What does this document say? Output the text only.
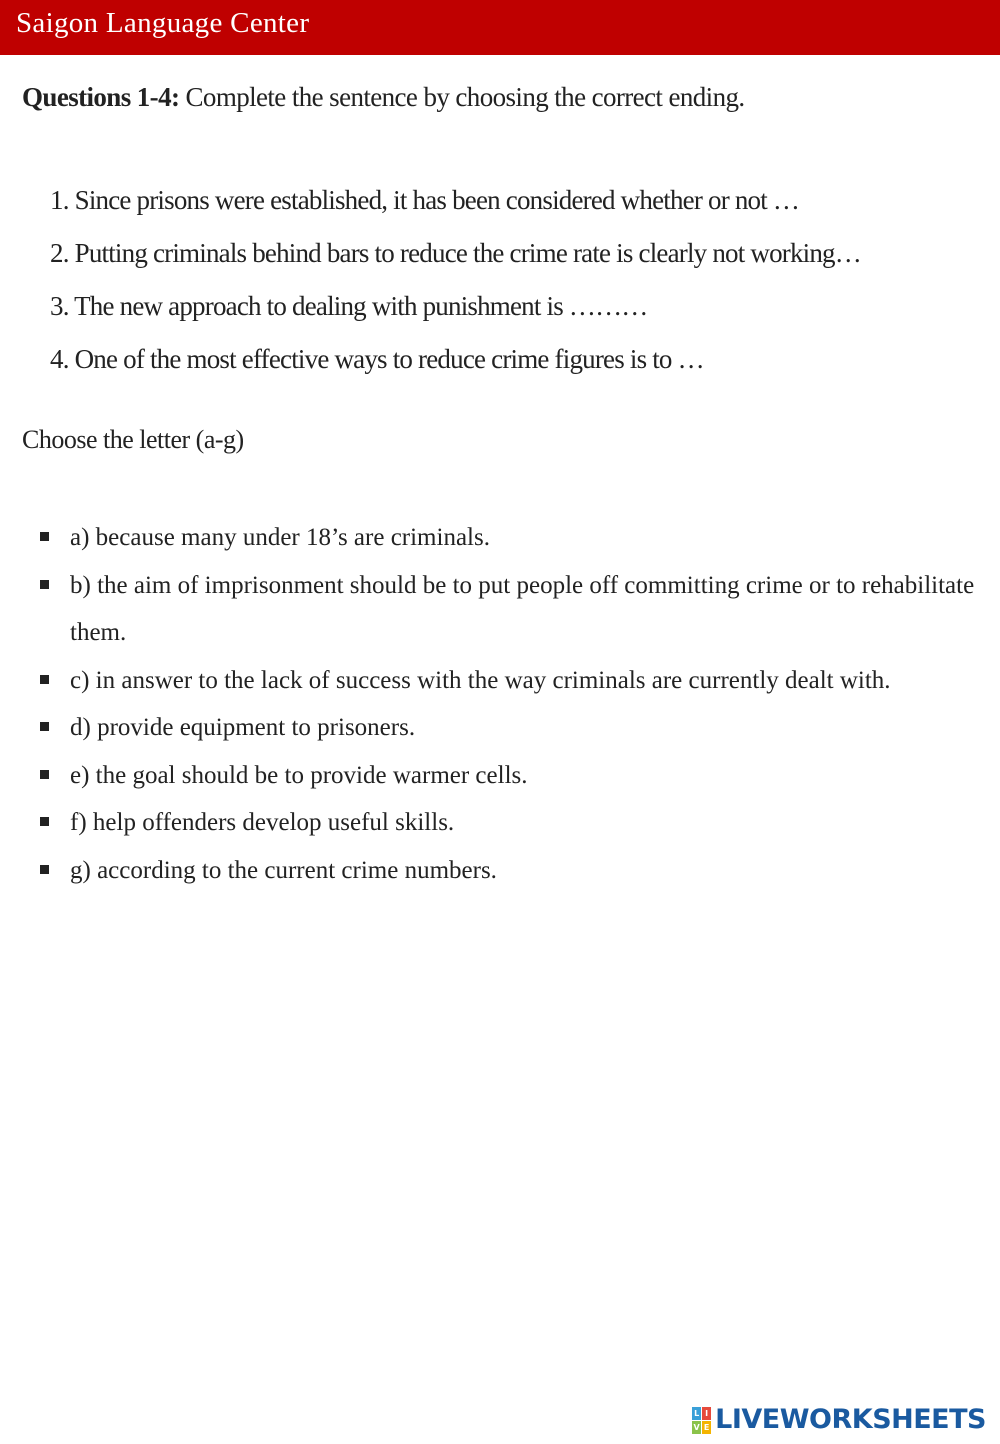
Saigon Language Center
Questions 1-4: Complete the sentence by choosing the correct ending.
1. Since prisons were established, it has been considered whether or not …
2. Putting criminals behind bars to reduce the crime rate is clearly not working…
3. The new approach to dealing with punishment is ………
4. One of the most effective ways to reduce crime figures is to …
Choose the letter (a-g)
a) because many under 18’s are criminals.
b) the aim of imprisonment should be to put people off committing crime or to rehabilitate them.
c) in answer to the lack of success with the way criminals are currently dealt with.
d) provide equipment to prisoners.
e) the goal should be to provide warmer cells.
f) help offenders develop useful skills.
g) according to the current crime numbers.
L I
V E LIVEWORKSHEETS
